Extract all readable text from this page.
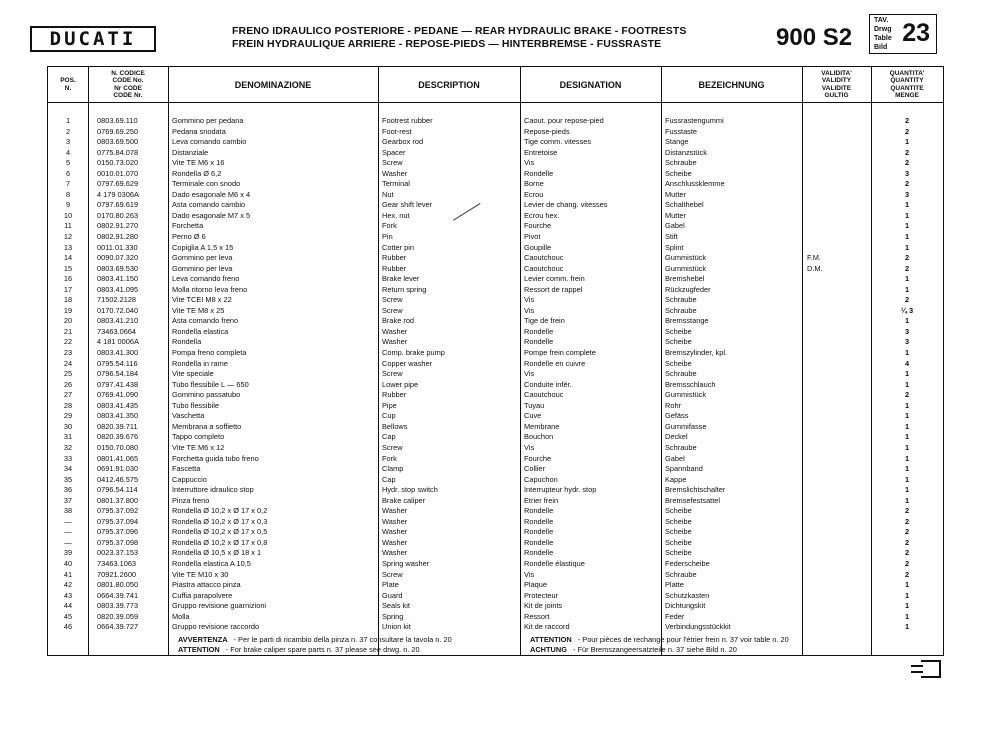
DUCATI	FRENO IDRAULICO POSTERIORE - PEDANE — REAR HYDRAULIC BRAKE - FOOTRESTS
FREIN HYDRAULIQUE ARRIERE - REPOSE-PIEDS — HINTERBREMSE - FUSSRASTE	900 S2
TAV.
Drwg
Table
Bild
23
POS.
N.
N. CODICE
CODE No.
Nr CODE
CODE Nr.
DENOMINAZIONE	DESCRIPTION	DESIGNATION	BEZEICHNUNG
VALIDITA'
VALIDITY
VALIDITE
GULTIG
QUANTITA'
QUANTITY
QUANTITE
MENGE
1	0803.69.110	Gommino per pedana	Footrest rubber	Caout. pour repose-pied	Fussrastengummi	2
2	0769.69.250	Pedana snodata	Foot-rest	Repose-pieds	Fusstaste	2
3	0803.69.500	Leva comando cambio	Gearbox rod	Tige comm. vitesses	Stange	1
4	0775.84.078	Distanziale	Spacer	Entretoise	Distanzstück	2
5	0150.73.020	Vite TE M6 x 16	Screw	Vis	Schraube	2
6	0010.01.070	Rondella Ø 6,2	Washer	Rondelle	Scheibe	3
7	0797.69.629	Terminale con snodo	Terminal	Borne	Anschlussklemme	2
8	4 179 0306A	Dado esagonale M6 x 4	Nut	Ecrou	Mutter	3
9	0797.69.619	Asta comando cambio	Gear shift lever	Levier de chang. vitesses	Schalthebel	1
10	0170.80.263	Dado esagonale M7 x 5	Hex. nut	Ecrou hex.	Mutter	1
11	0802.91.270	Forchetta	Fork	Fourche	Gabel	1
12	0802.91.280	Perno Ø 6	Pin	Pivot	Stift	1
13	0011.01.330	Copiglia A 1,5 x 15	Cotter pin	Goupille	Splint	1
14	0090.07.320	Gommino per leva	Rubber	Caoutchouc	Gummistück	F.M.	2
15	0803.69.530	Gommino per leva	Rubber	Caoutchouc	Gummistück	D.M.	2
16	0803.41.150	Leva comando freno	Brake lever	Levier comm. frein	Bremshebel	1
17	0803.41.095	Molla ritorno leva freno	Return spring	Ressort de rappel	Rückzugfeder	1
18	71502.2128	Vite TCEI M8 x 22	Screw	Vis	Schraube	2
19	0170.72.040	Vite TE M8 x 25	Screw	Vis	Schraube	¼ 3
20	0803.41.210	Asta comando freno	Brake rod	Tige de frein	Bremsstange	1
21	73463.0664	Rondella elastica	Washer	Rondelle	Scheibe	3
22	4 181 0006A	Rondella	Washer	Rondelle	Scheibe	3
23	0803.41.300	Pompa freno completa	Comp. brake pump	Pompe frein complete	Bremszylinder, kpl.	1
24	0795.54.116	Rondella in rame	Copper washer	Rondelle en cuivre	Scheibe	4
25	0796.54.184	Vite speciale	Screw	Vis	Schraube	1
26	0797.41.438	Tubo flessibile L — 650	Lower pipe	Conduite infér.	Bremsschlauch	1
27	0769.41.090	Gommino passatubo	Rubber	Caoutchouc	Gummistück	2
28	0803.41.435	Tubo flessibile	Pipe	Tuyau	Rohr	1
29	0803.41.350	Vaschetta	Cup	Cuve	Gefäss	1
30	0820.39.711	Membrana a soffietto	Bellows	Membrane	Gummifasse	1
31	0820.39.676	Tappo completo	Cap	Bouchon	Deckel	1
32	0150.70.080	Vite TE M6 x 12	Screw	Vis	Schraube	1
33	0801.41.065	Forchetta guida tubo freno	Fork	Fourche	Gabel	1
34	0691.91.030	Fascetta	Clamp	Collier	Spannband	1
35	0412.46.575	Cappuccio	Cap	Capuchon	Kappe	1
36	0796.54.114	Interruttore idraulico stop	Hydr. stop switch	Interrupteur hydr. stop	Bremslichtschalter	1
37	0801.37.800	Pinza freno	Brake caliper	Etrier frein	Bremsefestsattel	1
38	0795.37.092	Rondella Ø 10,2 x Ø 17 x 0,2	Washer	Rondelle	Scheibe	2
—	0795.37.094	Rondella Ø 10,2 x Ø 17 x 0,3	Washer	Rondelle	Scheibe	2
—	0795.37.096	Rondella Ø 10,2 x Ø 17 x 0,5	Washer	Rondelle	Scheibe	2
—	0795.37.098	Rondella Ø 10,2 x Ø 17 x 0,8	Washer	Rondelle	Scheibe	2
39	0023.37.153	Rondella Ø 10,5 x Ø 18 x 1	Washer	Rondelle	Scheibe	2
40	73463.1063	Rondella elastica A 10,5	Spring washer	Rondelle élastique	Federscheibe	2
41	70921.2600	Vite TE M10 x 30	Screw	Vis	Schraube	2
42	0801.80.050	Piastra attacco pinza	Plate	Plaque	Platte	1
43	0664.39.741	Cuffia parapolvere	Guard	Protecteur	Schutzkasten	1
44	0803.39.773	Gruppo revisione guarnizioni	Seals kit	Kit de joints	Dichtungskit	1
45	0820.39.059	Molla	Spring	Ressort	Feder	1
46	0664.39.727	Gruppo revisione raccordo	Union kit	Kit de raccord	Verbindungsstückkit	1
AVVERTENZA - Per le parti di ricambio della pinza n. 37 consultare la tavola n. 20
ATTENTION - For brake caliper spare parts n. 37 please see drwg. n. 20
ATTENTION - Pour pièces de rechange pour l'étrier frein n. 37 voir table n. 20
ACHTUNG - Für Bremszangeersatzteile n. 37 siehe Bild n. 20
